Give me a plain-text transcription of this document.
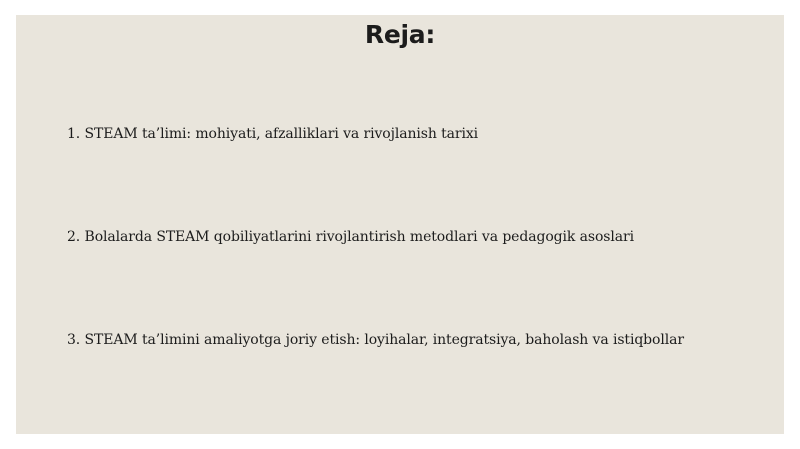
Reja:

1. STEAM ta’limi: mohiyati, afzalliklari va rivojlanish tarixi

2. Bolalarda STEAM qobiliyatlarini rivojlantirish metodlari va pedagogik asoslari

3. STEAM ta’limini amaliyotga joriy etish: loyihalar, integratsiya, baholash va istiqbollar
